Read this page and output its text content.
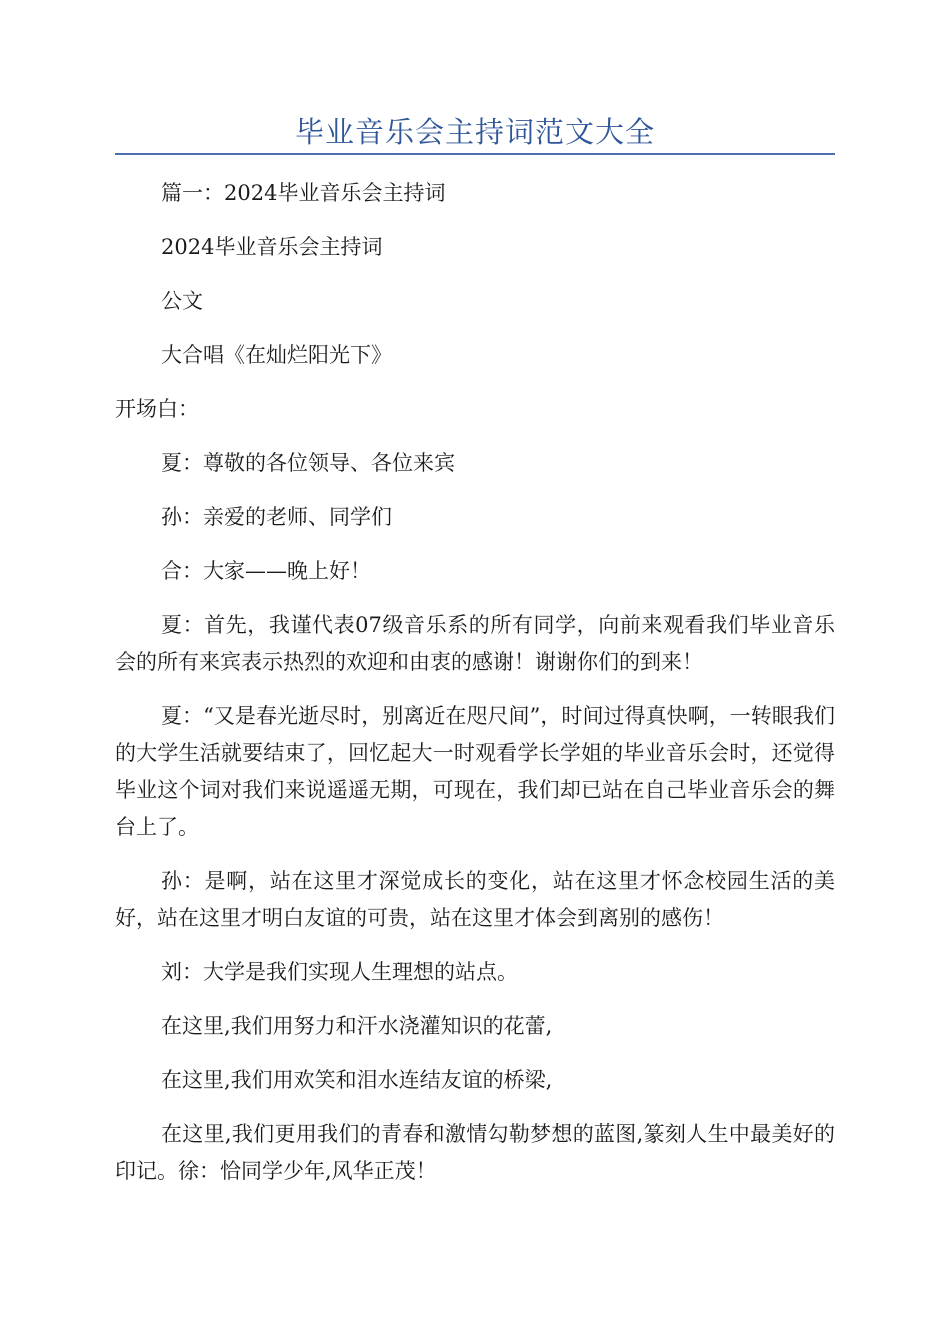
毕业音乐会主持词范文大全

篇一：2024毕业音乐会主持词

2024毕业音乐会主持词

公文

大合唱《在灿烂阳光下》

开场白：

夏：尊敬的各位领导、各位来宾

孙：亲爱的老师、同学们

合：大家——晚上好！

夏：首先，我谨代表07级音乐系的所有同学，向前来观看我们毕业音乐会的所有来宾表示热烈的欢迎和由衷的感谢！谢谢你们的到来！

夏：“又是春光逝尽时，别离近在咫尺间”，时间过得真快啊，一转眼我们的大学生活就要结束了，回忆起大一时观看学长学姐的毕业音乐会时，还觉得毕业这个词对我们来说遥遥无期，可现在，我们却已站在自己毕业音乐会的舞台上了。

孙：是啊，站在这里才深觉成长的变化，站在这里才怀念校园生活的美好，站在这里才明白友谊的可贵，站在这里才体会到离别的感伤！

刘：大学是我们实现人生理想的站点。

在这里,我们用努力和汗水浇灌知识的花蕾,

在这里,我们用欢笑和泪水连结友谊的桥梁,

在这里,我们更用我们的青春和激情勾勒梦想的蓝图,篆刻人生中最美好的印记。徐：恰同学少年,风华正茂！
